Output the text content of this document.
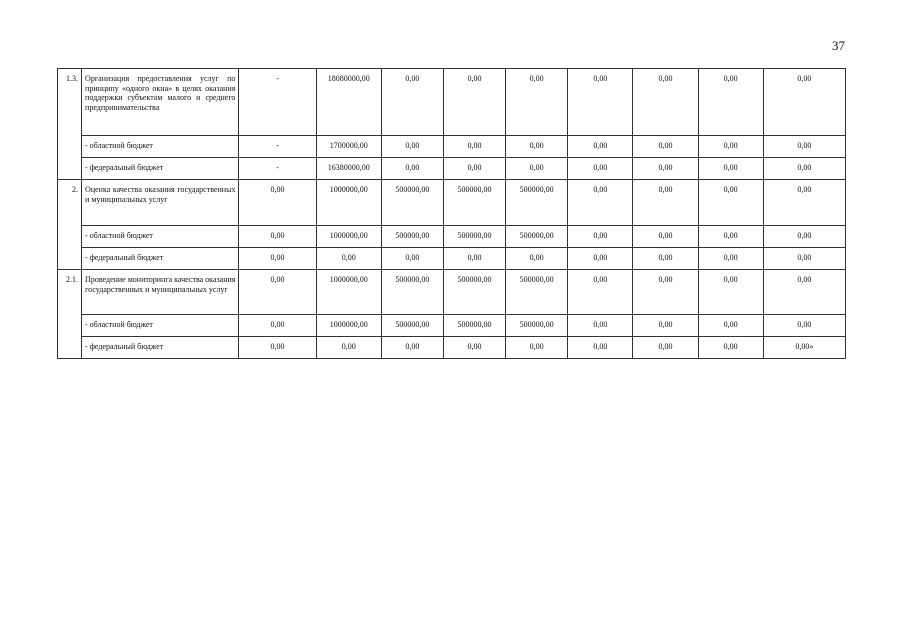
37
1.3.	Организация предоставления услуг по принципу «одного окна» в целях оказания поддержки субъектам малого и среднего предпринимательства	-	18080000,00	0,00	0,00	0,00	0,00	0,00	0,00	0,00
	- областной бюджет	-	1700000,00	0,00	0,00	0,00	0,00	0,00	0,00	0,00
	- федеральный бюджет	-	16380000,00	0,00	0,00	0,00	0,00	0,00	0,00	0,00
2.	Оценка качества оказания государственных и муниципальных услуг	0,00	1000000,00	500000,00	500000,00	500000,00	0,00	0,00	0,00	0,00
	- областной бюджет	0,00	1000000,00	500000,00	500000,00	500000,00	0,00	0,00	0,00	0,00
	- федеральный бюджет	0,00	0,00	0,00	0,00	0,00	0,00	0,00	0,00	0,00
2.1.	Проведение мониторинга качества оказания государственных и муниципальных услуг	0,00	1000000,00	500000,00	500000,00	500000,00	0,00	0,00	0,00	0,00
	- областной бюджет	0,00	1000000,00	500000,00	500000,00	500000,00	0,00	0,00	0,00	0,00
	- федеральный бюджет	0,00	0,00	0,00	0,00	0,00	0,00	0,00	0,00	0,00»
